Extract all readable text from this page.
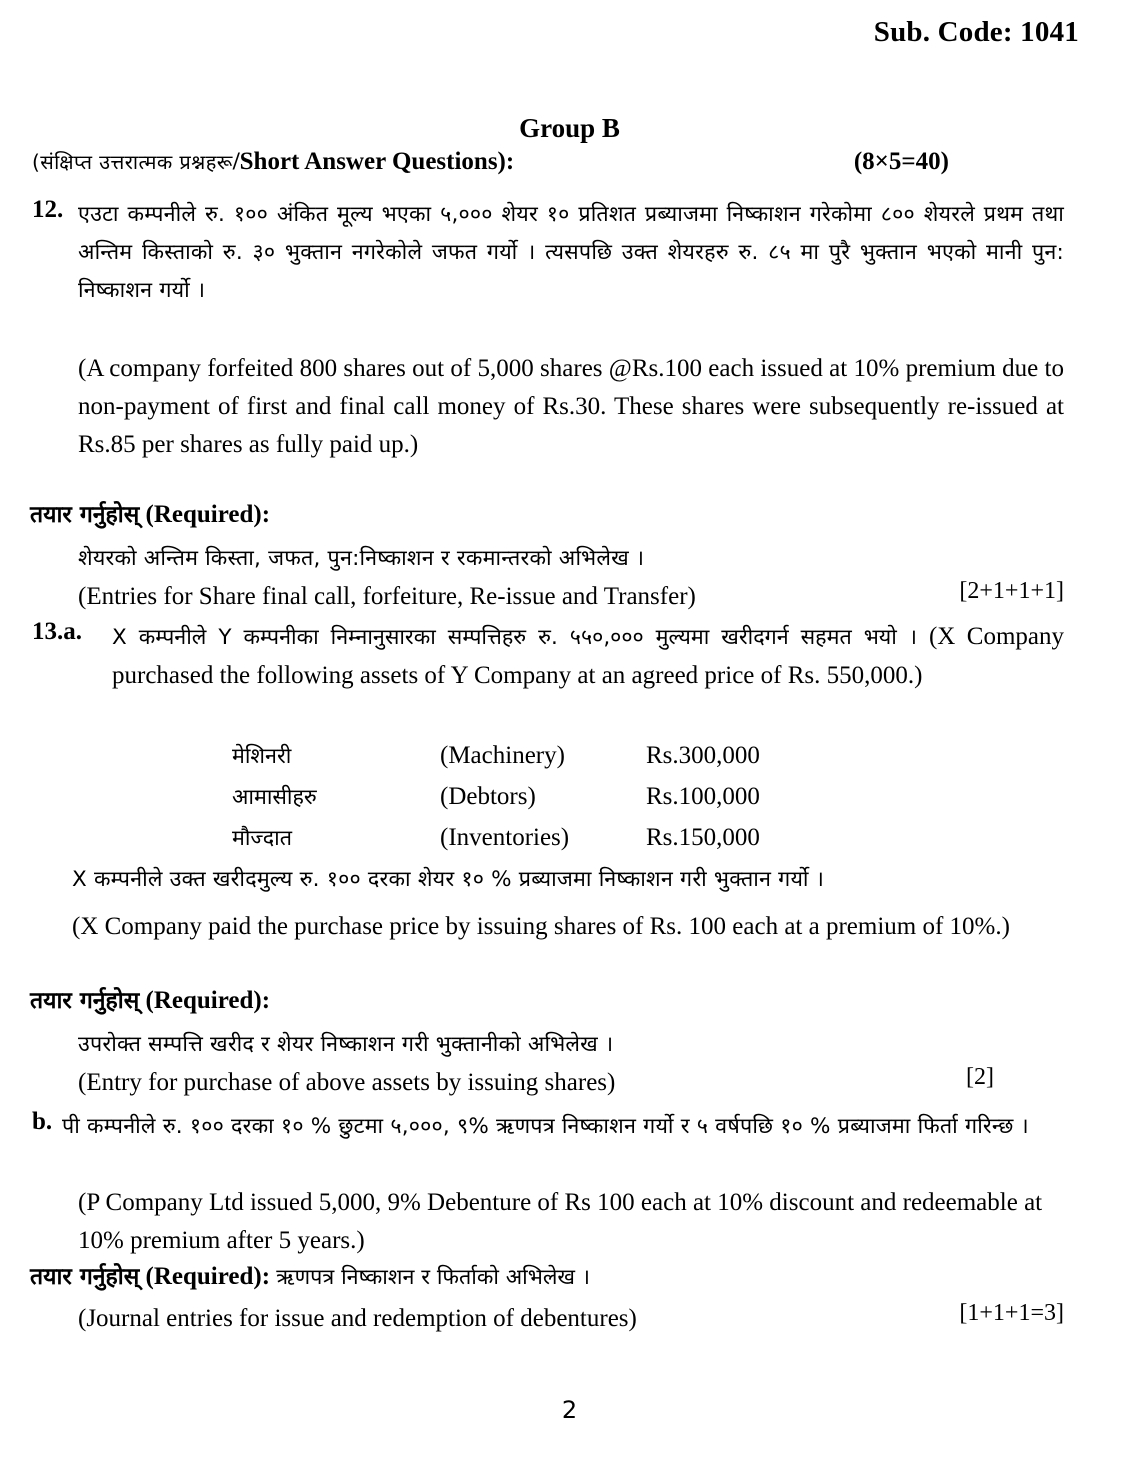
Sub. Code: 1041
Group B
(संक्षिप्त उत्तरात्मक प्रश्नहरू /Short Answer Questions):	(8×5=40)
12. एउटा कम्पनीले रु. १०० अंकित मूल्य भएका ५,००० शेयर १० प्रतिशत प्रब्याजमा निष्काशन गरेकोमा ८०० शेयरले प्रथम तथा अन्तिम किस्ताको रु. ३० भुक्तान नगरेकोले जफत गर्यो । त्यसपछि उक्त शेयरहरु रु. ८५ मा पुरै भुक्तान भएको मानी पुन: निष्काशन गर्यो ।
(A company forfeited 800 shares out of 5,000 shares @Rs.100 each issued at 10% premium due to non-payment of first and final call money of Rs.30. These shares were subsequently re-issued at Rs.85 per shares as fully paid up.)
तयार गर्नुहोस् (Required):
शेयरको अन्तिम किस्ता, जफत, पुन:निष्काशन र रकमान्तरको अभिलेख ।
(Entries for Share final call, forfeiture, Re-issue and Transfer)	[2+1+1+1]
13.a. X कम्पनीले Y कम्पनीका निम्नानुसारका सम्पत्तिहरु रु. ५५०,००० मुल्यमा खरीदगर्न सहमत भयो । (X Company purchased the following assets of Y Company at an agreed price of Rs. 550,000.)
मेशिनरी	(Machinery)	Rs.300,000
आमासीहरु	(Debtors)	Rs.100,000
मौज्दात	(Inventories)	Rs.150,000
X कम्पनीले उक्त खरीदमुल्य रु. १०० दरका शेयर १० % प्रब्याजमा निष्काशन गरी भुक्तान गर्यो ।
(X Company paid the purchase price by issuing shares of Rs. 100 each at a premium of 10%.)
तयार गर्नुहोस् (Required):
उपरोक्त सम्पत्ति खरीद र शेयर निष्काशन गरी भुक्तानीको अभिलेख ।
(Entry for purchase of above assets by issuing shares)	[2]
b. पी कम्पनीले रु. १०० दरका १० % छुटमा ५,०००, ९% ऋणपत्र निष्काशन गर्यो र ५ वर्षपछि १० % प्रब्याजमा फिर्ता गरिन्छ ।
(P Company Ltd issued 5,000, 9% Debenture of Rs 100 each at 10% discount and redeemable at 10% premium after 5 years.)
तयार गर्नुहोस् (Required): ऋणपत्र निष्काशन र फिर्ताको अभिलेख ।
(Journal entries for issue and redemption of debentures)	[1+1+1=3]
2
